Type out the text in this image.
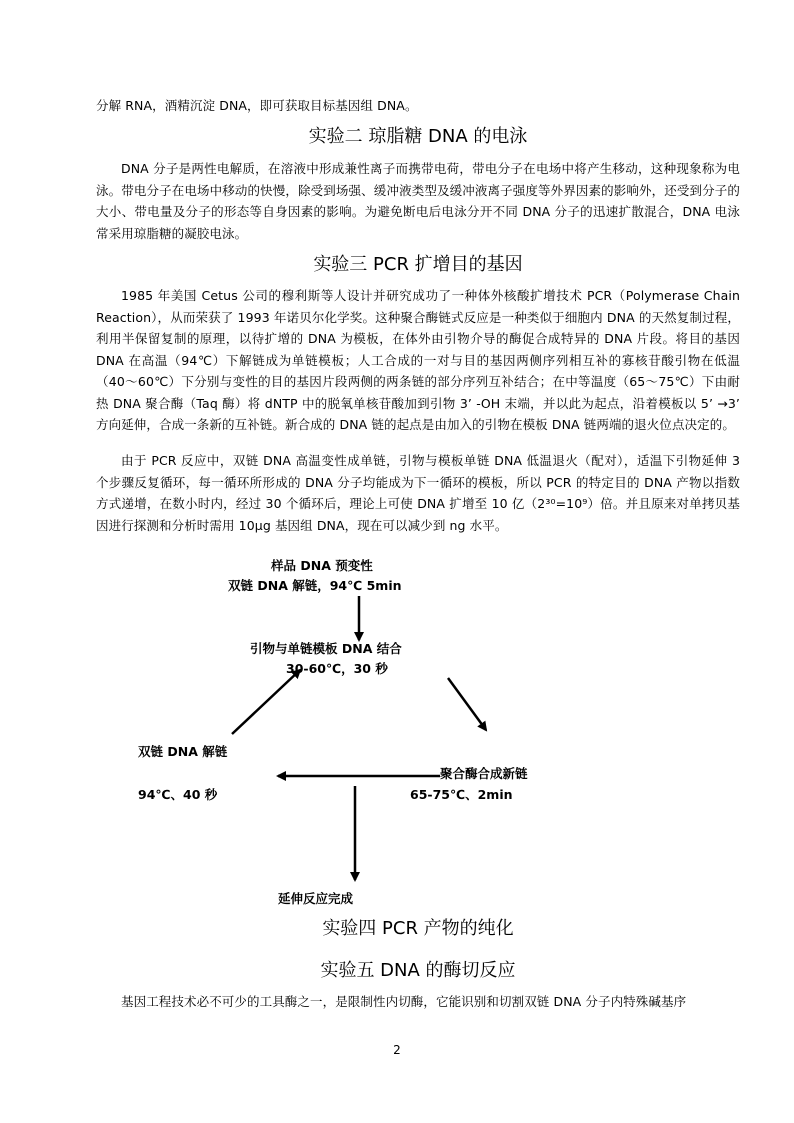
分解 RNA，酒精沉淀 DNA，即可获取目标基因组 DNA。
实验二 琼脂糖 DNA 的电泳
DNA 分子是两性电解质，在溶液中形成兼性离子而携带电荷，带电分子在电场中将产生移动，这种现象称为电泳。带电分子在电场中移动的快慢，除受到场强、缓冲液类型及缓冲液离子强度等外界因素的影响外，还受到分子的大小、带电量及分子的形态等自身因素的影响。为避免断电后电泳分开不同 DNA 分子的迅速扩散混合，DNA 电泳常采用琼脂糖的凝胶电泳。
实验三 PCR 扩增目的基因
1985 年美国 Cetus 公司的穆利斯等人设计并研究成功了一种体外核酸扩增技术 PCR（Polymerase Chain Reaction），从而荣获了 1993 年诺贝尔化学奖。这种聚合酶链式反应是一种类似于细胞内 DNA 的天然复制过程，利用半保留复制的原理，以待扩增的 DNA 为模板，在体外由引物介导的酶促合成特异的 DNA 片段。将目的基因 DNA 在高温（94℃）下解链成为单链模板；人工合成的一对与目的基因两侧序列相互补的寡核苷酸引物在低温（40～60℃）下分别与变性的目的基因片段两侧的两条链的部分序列互补结合；在中等温度（65～75℃）下由耐热 DNA 聚合酶（Taq 酶）将 dNTP 中的脱氧单核苷酸加到引物 3’ -OH 末端，并以此为起点，沿着模板以 5’ →3’ 方向延伸，合成一条新的互补链。新合成的 DNA 链的起点是由加入的引物在模板 DNA 链两端的退火位点决定的。
由于 PCR 反应中，双链 DNA 高温变性成单链，引物与模板单链 DNA 低温退火（配对），适温下引物延伸 3 个步骤反复循环，每一循环所形成的 DNA 分子均能成为下一循环的模板，所以 PCR 的特定目的 DNA 产物以指数方式递增，在数小时内，经过 30 个循环后，理论上可使 DNA 扩增至 10 亿（2³⁰=10⁹）倍。并且原来对单拷贝基因进行探测和分析时需用 10μg 基因组 DNA，现在可以减少到 ng 水平。
样品 DNA 预变性
双链 DNA 解链，94℃ 5min
引物与单链模板 DNA 结合
30-60℃，30 秒
双链 DNA 解链
94℃、40 秒
聚合酶合成新链
65-75℃、2min
延伸反应完成
实验四 PCR 产物的纯化
实验五 DNA 的酶切反应
基因工程技术必不可少的工具酶之一，是限制性内切酶，它能识别和切割双链 DNA 分子内特殊碱基序
2
